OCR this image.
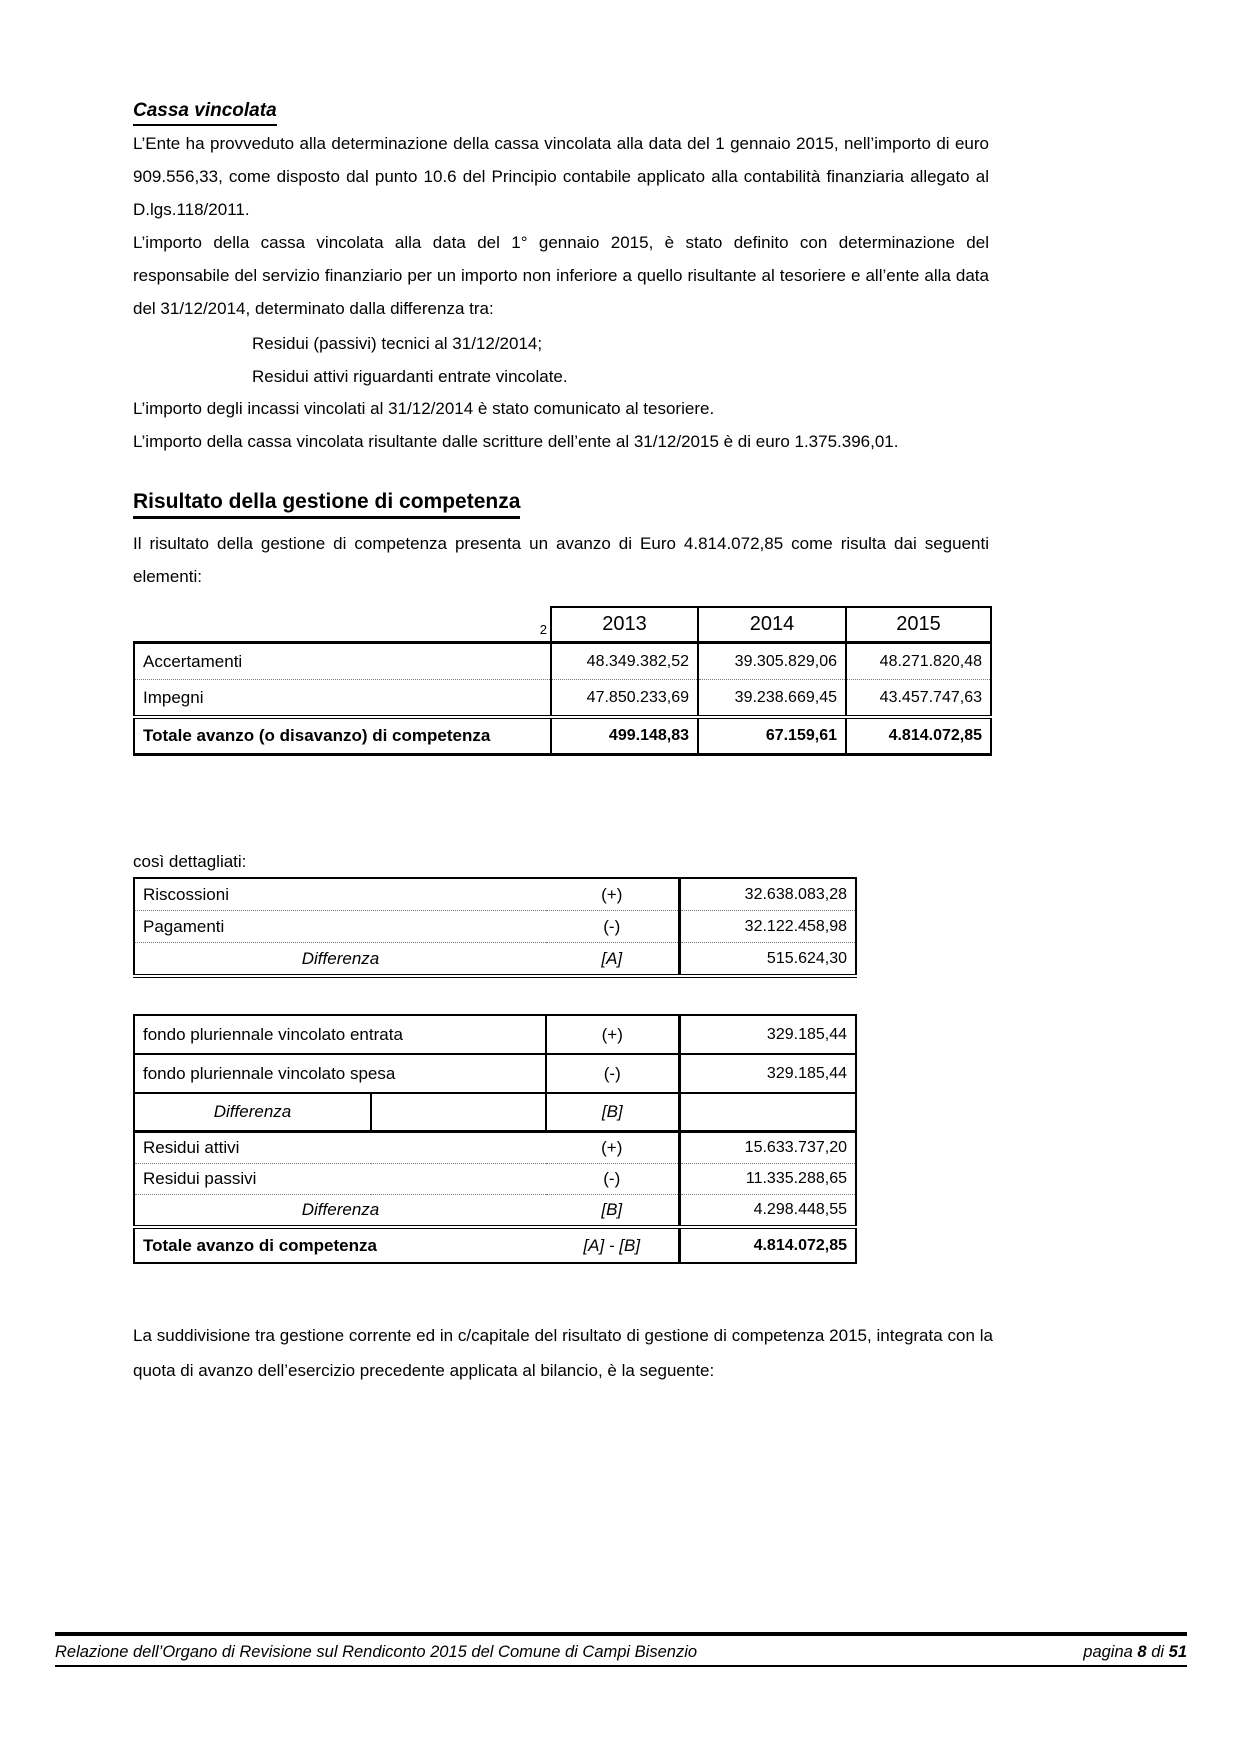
Cassa vincolata
L’Ente ha provveduto alla determinazione della cassa vincolata alla data del 1 gennaio 2015, nell’importo di euro 909.556,33, come disposto dal punto 10.6 del Principio contabile applicato alla contabilità finanziaria allegato al D.lgs.118/2011.
L’importo della cassa vincolata alla data del 1° gennaio 2015, è stato definito con determinazione del responsabile del servizio finanziario per un importo non inferiore a quello risultante al tesoriere e all’ente alla data del 31/12/2014, determinato dalla differenza tra:
Residui (passivi) tecnici al 31/12/2014;
Residui attivi riguardanti entrate vincolate.
L’importo degli incassi vincolati al 31/12/2014 è stato comunicato al tesoriere.
L’importo della cassa vincolata risultante dalle scritture dell’ente al 31/12/2015 è di euro 1.375.396,01.
Risultato della gestione di competenza
Il risultato della gestione di competenza presenta un avanzo di Euro 4.814.072,85 come risulta dai seguenti elementi:
2	2013	2014	2015
Accertamenti	48.349.382,52	39.305.829,06	48.271.820,48
Impegni	47.850.233,69	39.238.669,45	43.457.747,63
Totale avanzo (o disavanzo) di competenza	499.148,83	67.159,61	4.814.072,85
così dettagliati:
Riscossioni	(+)	32.638.083,28
Pagamenti	(-)	32.122.458,98
Differenza	[A]	515.624,30
fondo pluriennale vincolato entrata		(+)	329.185,44
fondo pluriennale vincolato spesa		(-)	329.185,44
Differenza		[B]	
Residui attivi		(+)	15.633.737,20
Residui passivi		(-)	11.335.288,65
Differenza		[B]	4.298.448,55
Totale avanzo di competenza		[A] - [B]	4.814.072,85
La suddivisione tra gestione corrente ed in c/capitale del risultato di gestione di competenza 2015, integrata con la quota di avanzo dell’esercizio precedente applicata al bilancio, è la seguente:
Relazione dell’Organo di Revisione sul Rendiconto 2015 del Comune di Campi Bisenzio	pagina 8 di 51
